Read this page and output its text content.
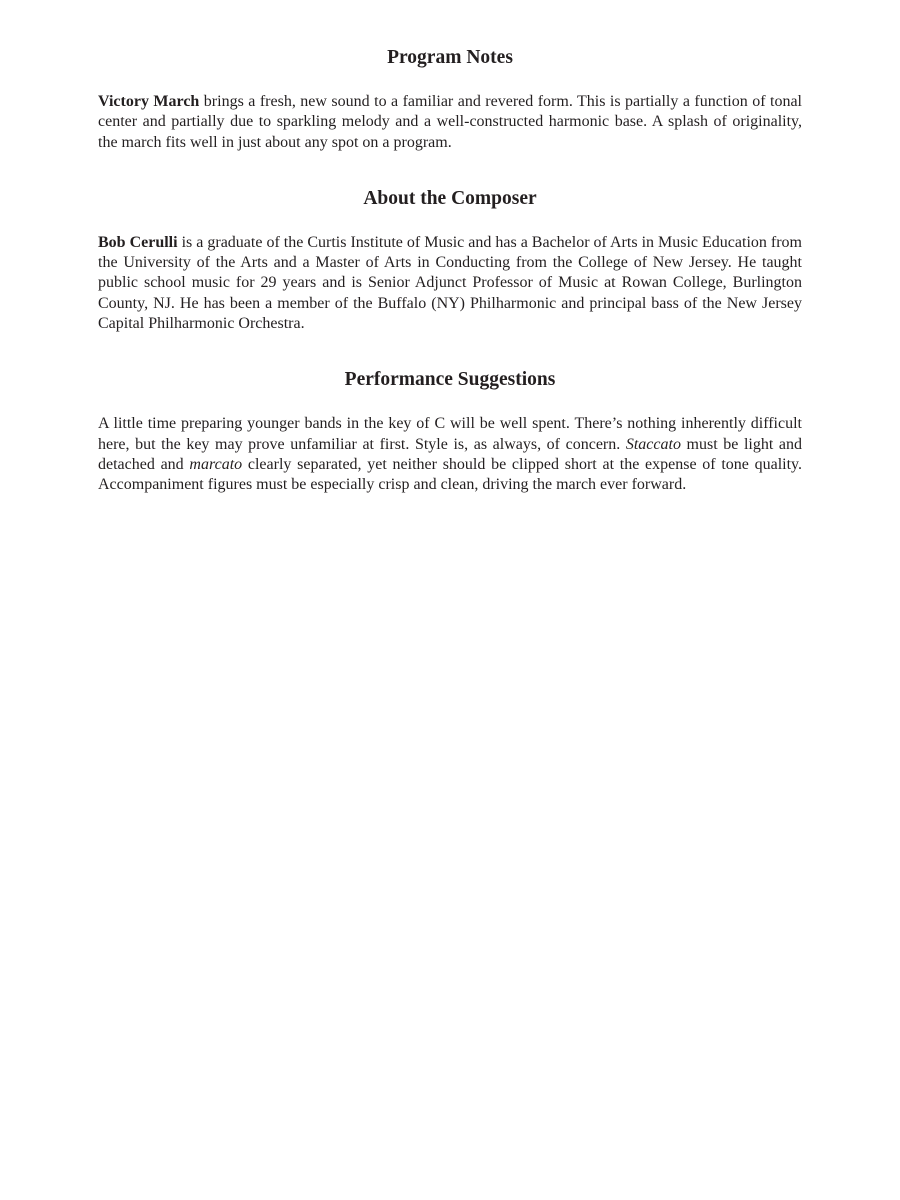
Program Notes

Victory March brings a fresh, new sound to a familiar and revered form. This is partially a function of tonal center and partially due to sparkling melody and a well-constructed harmonic base. A splash of originality, the march fits well in just about any spot on a program.

About the Composer

Bob Cerulli is a graduate of the Curtis Institute of Music and has a Bachelor of Arts in Music Education from the University of the Arts and a Master of Arts in Conducting from the College of New Jersey. He taught public school music for 29 years and is Senior Adjunct Professor of Music at Rowan College, Burlington County, NJ. He has been a member of the Buffalo (NY) Philharmonic and principal bass of the New Jersey Capital Philharmonic Orchestra.

Performance Suggestions

A little time preparing younger bands in the key of C will be well spent. There’s nothing inherently difficult here, but the key may prove unfamiliar at first. Style is, as always, of concern. Staccato must be light and detached and marcato clearly separated, yet neither should be clipped short at the expense of tone quality. Accompaniment figures must be especially crisp and clean, driving the march ever forward.
